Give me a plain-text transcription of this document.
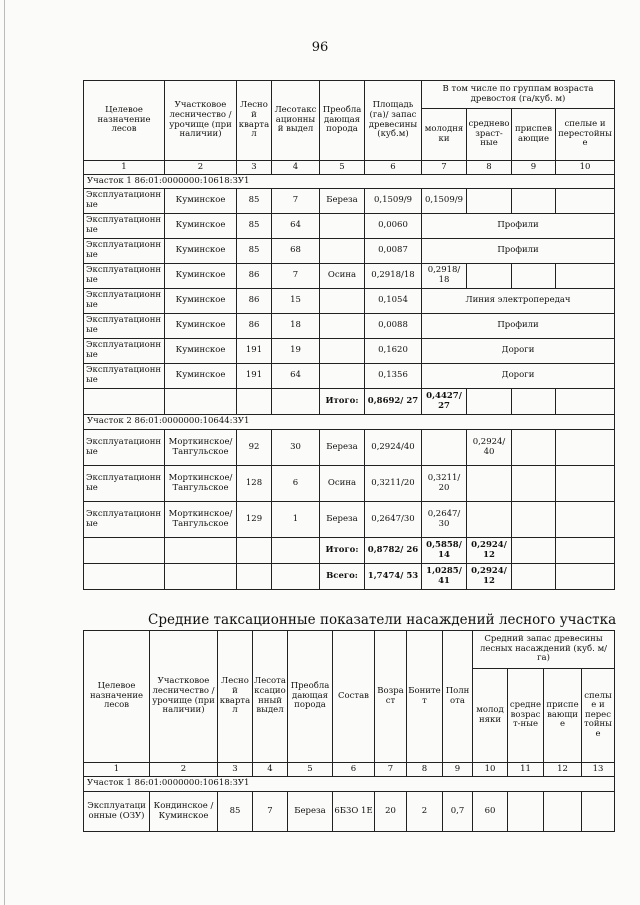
96
Целевое назначение лесов	Участковое лесничество / урочище (при наличии)	Лесной квартал	Лесотаксационный выдел	Преобладающая порода	Площадь (га)/ запас древесины (куб.м)	В том числе по группам возраста древостоя (га/куб. м)			
						молодняки	средневозраст-ные	приспевающие	спелые и перестойные
1	2	3	4	5	6	7	8	9	10
Участок 1 86:01:0000000:10618:ЗУ1									
Эксплуатационные	Куминское	85	7	Береза	0,1509/9	0,1509/9			
Эксплуатационные	Куминское	85	64		0,0060	Профили			
Эксплуатационные	Куминское	85	68		0,0087	Профили			
Эксплуатационные	Куминское	86	7	Осина	0,2918/18	0,2918/ 18			
Эксплуатационные	Куминское	86	15		0,1054	Линия электропередач			
Эксплуатационные	Куминское	86	18		0,0088	Профили			
Эксплуатационные	Куминское	191	19		0,1620	Дороги			
Эксплуатационные	Куминское	191	64		0,1356	Дороги			
				Итого:	0,8692/ 27	0,4427/ 27			
Участок 2 86:01:0000000:10644:ЗУ1									
Эксплуатационные	Морткинское/ Тангульское	92	30	Береза	0,2924/40		0,2924/ 40		
Эксплуатационные	Морткинское/ Тангульское	128	6	Осина	0,3211/20	0,3211/ 20			
Эксплуатационные	Морткинское/ Тангульское	129	1	Береза	0,2647/30	0,2647/ 30			
				Итого:	0,8782/ 26	0,5858/ 14	0,2924/ 12		
				Всего:	1,7474/ 53	1,0285/ 41	0,2924/ 12		
Средние таксационные показатели насаждений лесного участка
Целевое назначение лесов	Участковое лесничество / урочище (при наличии)	Лесной квартал	Лесотаксационный выдел	Преобладающая порода	Состав	Возраст	Бонитет	Полнота	Средний запас древесины лесных насаждений (куб. м/га)			
									молодняки	средневозраст-ные	приспевающие	спелые и перестойные
1	2	3	4	5	6	7	8	9	10	11	12	13
Участок 1 86:01:0000000:10618:ЗУ1												
Эксплуатационные (ОЗУ)	Кондинское / Куминское	85	7	Береза	6Б3О 1Е	20	2	0,7	60			
